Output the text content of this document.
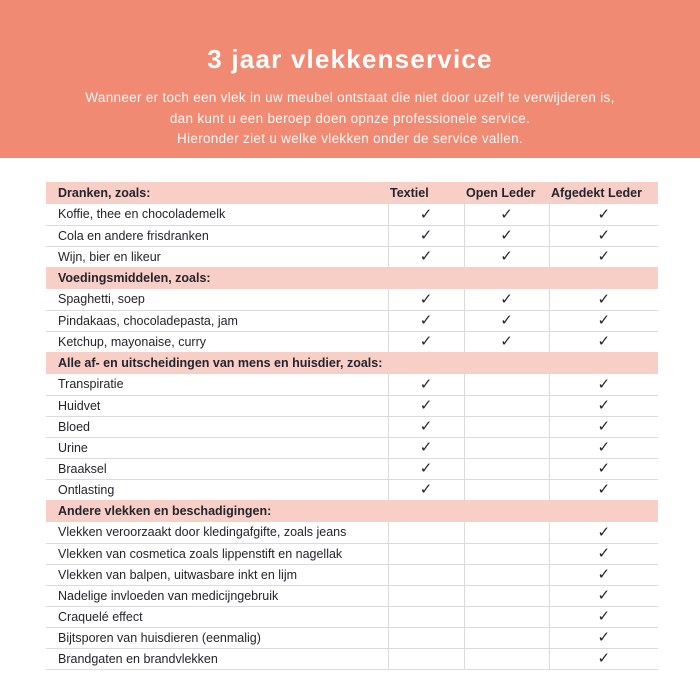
3 jaar vlekkenservice

Wanneer er toch een vlek in uw meubel ontstaat die niet door uzelf te verwijderen is,
dan kunt u een beroep doen opnze professionele service.
Hieronder ziet u welke vlekken onder de service vallen.

Dranken, zoals:	Textiel	Open Leder	Afgedekt Leder
Koffie, thee en chocolademelk	✓	✓	✓
Cola en andere frisdranken	✓	✓	✓
Wijn, bier en likeur	✓	✓	✓
Voedingsmiddelen, zoals:			
Spaghetti, soep	✓	✓	✓
Pindakaas, chocoladepasta, jam	✓	✓	✓
Ketchup, mayonaise, curry	✓	✓	✓
Alle af- en uitscheidingen van mens en huisdier, zoals:			
Transpiratie	✓		✓
Huidvet	✓		✓
Bloed	✓		✓
Urine	✓		✓
Braaksel	✓		✓
Ontlasting	✓		✓
Andere vlekken en beschadigingen:			
Vlekken veroorzaakt door kledingafgifte, zoals jeans			✓
Vlekken van cosmetica zoals lippenstift en nagellak			✓
Vlekken van balpen, uitwasbare inkt en lijm			✓
Nadelige invloeden van medicijngebruik			✓
Craquelé effect			✓
Bijtsporen van huisdieren (eenmalig)			✓
Brandgaten en brandvlekken			✓
